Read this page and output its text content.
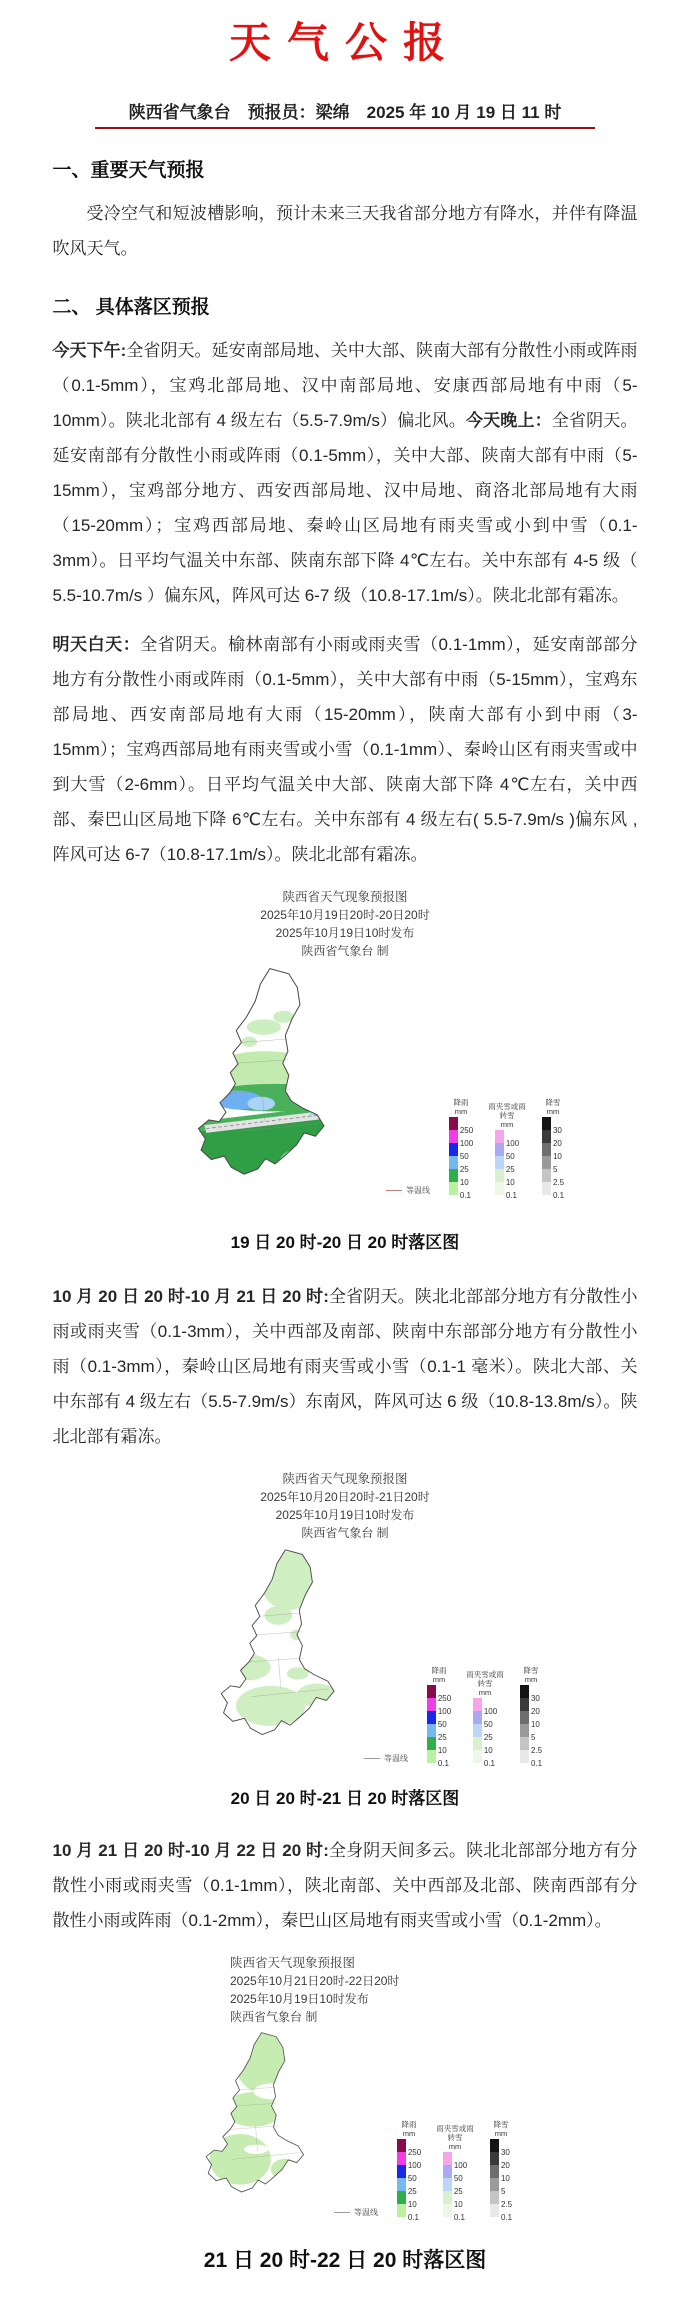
天气公报
陕西省气象台　预报员：梁绵　2025 年 10 月 19 日 11 时
一、重要天气预报

受冷空气和短波槽影响，预计未来三天我省部分地方有降水，并伴有降温吹风天气。

二、 具体落区预报

今天下午:全省阴天。延安南部局地、关中大部、陕南大部有分散性小雨或阵雨（0.1-5mm），宝鸡北部局地、汉中南部局地、安康西部局地有中雨（5-10mm）。陕北北部有 4 级左右（5.5-7.9m/s）偏北风。今天晚上：全省阴天。延安南部有分散性小雨或阵雨（0.1-5mm），关中大部、陕南大部有中雨（5-15mm），宝鸡部分地方、西安西部局地、汉中局地、商洛北部局地有大雨（15-20mm）；宝鸡西部局地、秦岭山区局地有雨夹雪或小到中雪（0.1-3mm）。日平均气温关中东部、陕南东部下降 4℃左右。关中东部有 4-5 级（ 5.5-10.7m/s ）偏东风，阵风可达 6-7 级（10.8-17.1m/s）。陕北北部有霜冻。

明天白天：全省阴天。榆林南部有小雨或雨夹雪（0.1-1mm），延安南部部分地方有分散性小雨或阵雨（0.1-5mm），关中大部有中雨（5-15mm），宝鸡东部局地、西安南部局地有大雨（15-20mm），陕南大部有小到中雨（3-15mm）；宝鸡西部局地有雨夹雪或小雪（0.1-1mm）、秦岭山区有雨夹雪或中到大雪（2-6mm）。日平均气温关中大部、陕南大部下降 4℃左右，关中西部、秦巴山区局地下降 6℃左右。关中东部有 4 级左右( 5.5-7.9m/s )偏东风 ,阵风可达 6-7（10.8-17.1m/s）。陕北北部有霜冻。

陕西省天气现象预报图
2025年10月19日20时-20日20时
2025年10月19日10时发布
陕西省气象台 制
降雨
mm
250
100
50
25
10
0.1
雨夹雪或雨转雪
mm
100
50
25
10
0.1
降雪
mm
30
20
10
5
2.5
0.1
等温线
19 日 20 时-20 日 20 时落区图

10 月 20 日 20 时-10 月 21 日 20 时:全省阴天。陕北北部部分地方有分散性小雨或雨夹雪（0.1-3mm），关中西部及南部、陕南中东部部分地方有分散性小雨（0.1-3mm），秦岭山区局地有雨夹雪或小雪（0.1-1 毫米）。陕北大部、关中东部有 4 级左右（5.5-7.9m/s）东南风，阵风可达 6 级（10.8-13.8m/s）。陕北北部有霜冻。

陕西省天气现象预报图
2025年10月20日20时-21日20时
2025年10月19日10时发布
陕西省气象台 制
降雨
mm
250
100
50
25
10
0.1
雨夹雪或雨转雪
mm
100
50
25
10
0.1
降雪
mm
30
20
10
5
2.5
0.1
等温线
20 日 20 时-21 日 20 时落区图

10 月 21 日 20 时-10 月 22 日 20 时:全身阴天间多云。陕北北部部分地方有分散性小雨或雨夹雪（0.1-1mm），陕北南部、关中西部及北部、陕南西部有分散性小雨或阵雨（0.1-2mm），秦巴山区局地有雨夹雪或小雪（0.1-2mm）。

陕西省天气现象预报图
2025年10月21日20时-22日20时
2025年10月19日10时发布
陕西省气象台 制
降雨
mm
250
100
50
25
10
0.1
雨夹雪或雨转雪
mm
100
50
25
10
0.1
降雪
mm
30
20
10
5
2.5
0.1
等温线
21 日 20 时-22 日 20 时落区图
